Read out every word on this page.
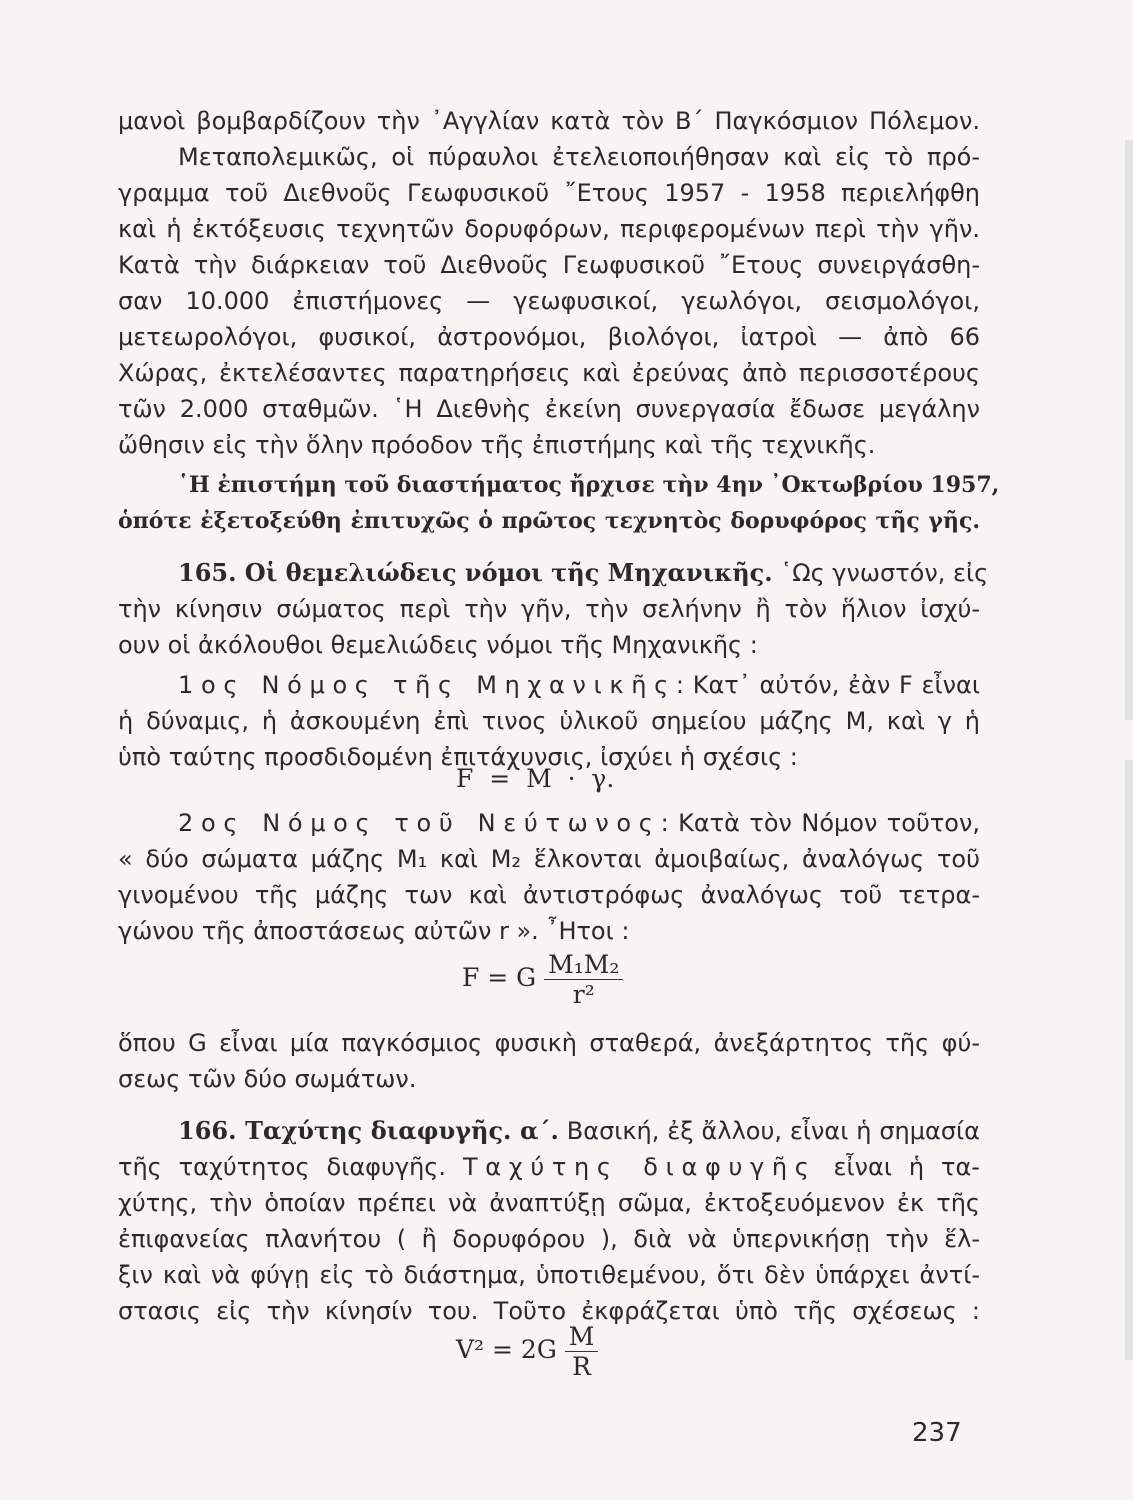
μανοὶ βομβαρδίζουν τὴν ᾿Αγγλίαν κατὰ τὸν Β΄ Παγκόσμιον Πόλεμον.
Μεταπολεμικῶς, οἱ πύραυλοι ἐτελειοποιήθησαν καὶ εἰς τὸ πρό-
γραμμα τοῦ Διεθνοῦς Γεωφυσικοῦ ῎Ετους 1957 - 1958 περιελήφθη
καὶ ἡ ἐκτόξευσις τεχνητῶν δορυφόρων, περιφερομένων περὶ τὴν γῆν.
Κατὰ τὴν διάρκειαν τοῦ Διεθνοῦς Γεωφυσικοῦ ῎Ετους συνειργάσθη-
σαν 10.000 ἐπιστήμονες — γεωφυσικοί, γεωλόγοι, σεισμολόγοι,
μετεωρολόγοι, φυσικοί, ἀστρονόμοι, βιολόγοι, ἰατροὶ — ἀπὸ 66
Χώρας, ἐκτελέσαντες παρατηρήσεις καὶ ἐρεύνας ἀπὸ περισσοτέρους
τῶν 2.000 σταθμῶν. ῾Η Διεθνὴς ἐκείνη συνεργασία ἔδωσε μεγάλην
ὤθησιν εἰς τὴν ὅλην πρόοδον τῆς ἐπιστήμης καὶ τῆς τεχνικῆς.
῾Η ἐπιστήμη τοῦ διαστήματος ἤρχισε τὴν 4ην ᾿Οκτωβρίου 1957,
ὁπότε ἐξετοξεύθη ἐπιτυχῶς ὁ πρῶτος τεχνητὸς δορυφόρος τῆς γῆς.
165. Οἱ θεμελιώδεις νόμοι τῆς Μηχανικῆς. ῾Ως γνωστόν, εἰς
τὴν κίνησιν σώματος περὶ τὴν γῆν, τὴν σελήνην ἢ τὸν ἥλιον ἰσχύ-
ουν οἱ ἀκόλουθοι θεμελιώδεις νόμοι τῆς Μηχανικῆς :
1ος Νόμος τῆς Μηχανικῆς: Κατ᾿ αὐτόν, ἐὰν F εἶναι
ἡ δύναμις, ἡ ἀσκουμένη ἐπὶ τινος ὑλικοῦ σημείου μάζης M, καὶ γ ἡ
ὑπὸ ταύτης προσδιδομένη ἐπιτάχυνσις, ἰσχύει ἡ σχέσις :
F  =  M  ·  γ.
2ος Νόμος τοῦ Νεύτωνος: Κατὰ τὸν Νόμον τοῦτον,
« δύο σώματα μάζης M₁ καὶ M₂ ἕλκονται ἀμοιβαίως, ἀναλόγως τοῦ
γινομένου τῆς μάζης των καὶ ἀντιστρόφως ἀναλόγως τοῦ τετρα-
γώνου τῆς ἀποστάσεως αὐτῶν r ». ῏Ητοι :
F = G $\frac{\text{M₁M₂}}{\text{r²}}$
ὅπου G εἶναι μία παγκόσμιος φυσικὴ σταθερά, ἀνεξάρτητος τῆς φύ-
σεως τῶν δύο σωμάτων.
166. Ταχύτης διαφυγῆς. α΄. Βασική, ἐξ ἄλλου, εἶναι ἡ σημασία
τῆς ταχύτητος διαφυγῆς. Ταχύτης διαφυγῆς εἶναι ἡ τα-
χύτης, τὴν ὁποίαν πρέπει νὰ ἀναπτύξῃ σῶμα, ἐκτοξευόμενον ἐκ τῆς
ἐπιφανείας πλανήτου ( ἢ δορυφόρου ), διὰ νὰ ὑπερνικήσῃ τὴν ἕλ-
ξιν καὶ νὰ φύγῃ εἰς τὸ διάστημα, ὑποτιθεμένου, ὅτι δὲν ὑπάρχει ἀντί-
στασις εἰς τὴν κίνησίν του. Τοῦτο ἐκφράζεται ὑπὸ τῆς σχέσεως :
$V^2 = 2G \frac{M}{R}$
237
